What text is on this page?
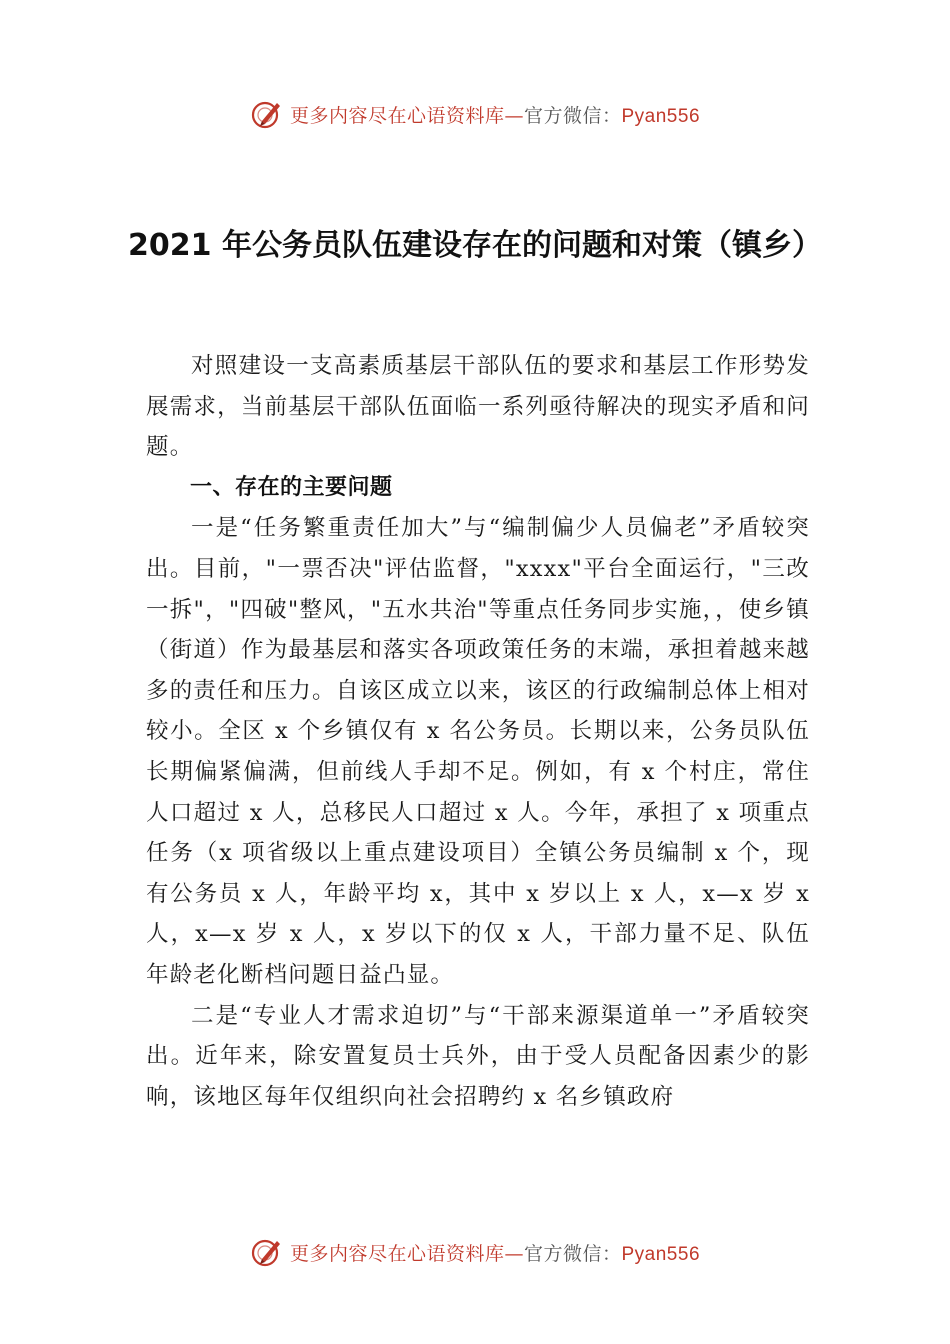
更多内容尽在心语资料库—官方微信：Pyan556
2021 年公务员队伍建设存在的问题和对策（镇乡）

对照建设一支高素质基层干部队伍的要求和基层工作形势发展需求，当前基层干部队伍面临一系列亟待解决的现实矛盾和问题。

一、存在的主要问题

一是“任务繁重责任加大”与“编制偏少人员偏老”矛盾较突出。目前，"一票否决"评估监督，"xxxx"平台全面运行，"三改一拆"，"四破"整风，"五水共治"等重点任务同步实施，，使乡镇（街道）作为最基层和落实各项政策任务的末端，承担着越来越多的责任和压力。自该区成立以来，该区的行政编制总体上相对较小。全区 x 个乡镇仅有 x 名公务员。长期以来，公务员队伍长期偏紧偏满，但前线人手却不足。例如，有 x 个村庄，常住人口超过 x 人，总移民人口超过 x 人。今年，承担了 x 项重点任务（x 项省级以上重点建设项目）全镇公务员编制 x 个，现有公务员 x 人，年龄平均 x，其中 x 岁以上 x 人，x—x 岁 x 人，x—x 岁 x 人，x 岁以下的仅 x 人，干部力量不足、队伍年龄老化断档问题日益凸显。

二是“专业人才需求迫切”与“干部来源渠道单一”矛盾较突出。近年来，除安置复员士兵外，由于受人员配备因素少的影响，该地区每年仅组织向社会招聘约 x 名乡镇政府

更多内容尽在心语资料库—官方微信：Pyan556
